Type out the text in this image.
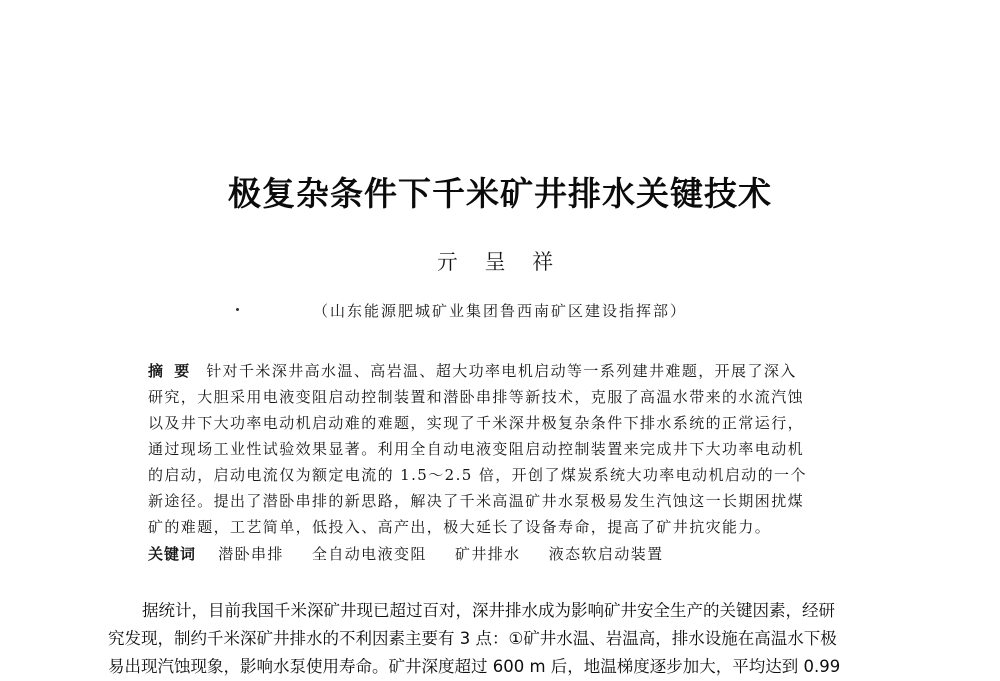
极复杂条件下千米矿井排水关键技术
亓 呈 祥
（山东能源肥城矿业集团鲁西南矿区建设指挥部）
摘 要 针对千米深井高水温、高岩温、超大功率电机启动等一系列建井难题，开展了深入
研究，大胆采用电液变阻启动控制装置和潜卧串排等新技术，克服了高温水带来的水流汽蚀
以及井下大功率电动机启动难的难题，实现了千米深井极复杂条件下排水系统的正常运行，
通过现场工业性试验效果显著。利用全自动电液变阻启动控制装置来完成井下大功率电动机
的启动，启动电流仅为额定电流的 1.5～2.5 倍，开创了煤炭系统大功率电动机启动的一个
新途径。提出了潜卧串排的新思路，解决了千米高温矿井水泵极易发生汽蚀这一长期困扰煤
矿的难题，工艺简单，低投入、高产出，极大延长了设备寿命，提高了矿井抗灾能力。
关键词 潜卧串排 全自动电液变阻 矿井排水 液态软启动装置
据统计，目前我国千米深矿井现已超过百对，深井排水成为影响矿井安全生产的关键因素，经研
究发现，制约千米深矿井排水的不利因素主要有 3 点：①矿井水温、岩温高，排水设施在高温水下极
易出现汽蚀现象，影响水泵使用寿命。矿井深度超过 600 m 后，地温梯度逐步加大，平均达到 0.99
